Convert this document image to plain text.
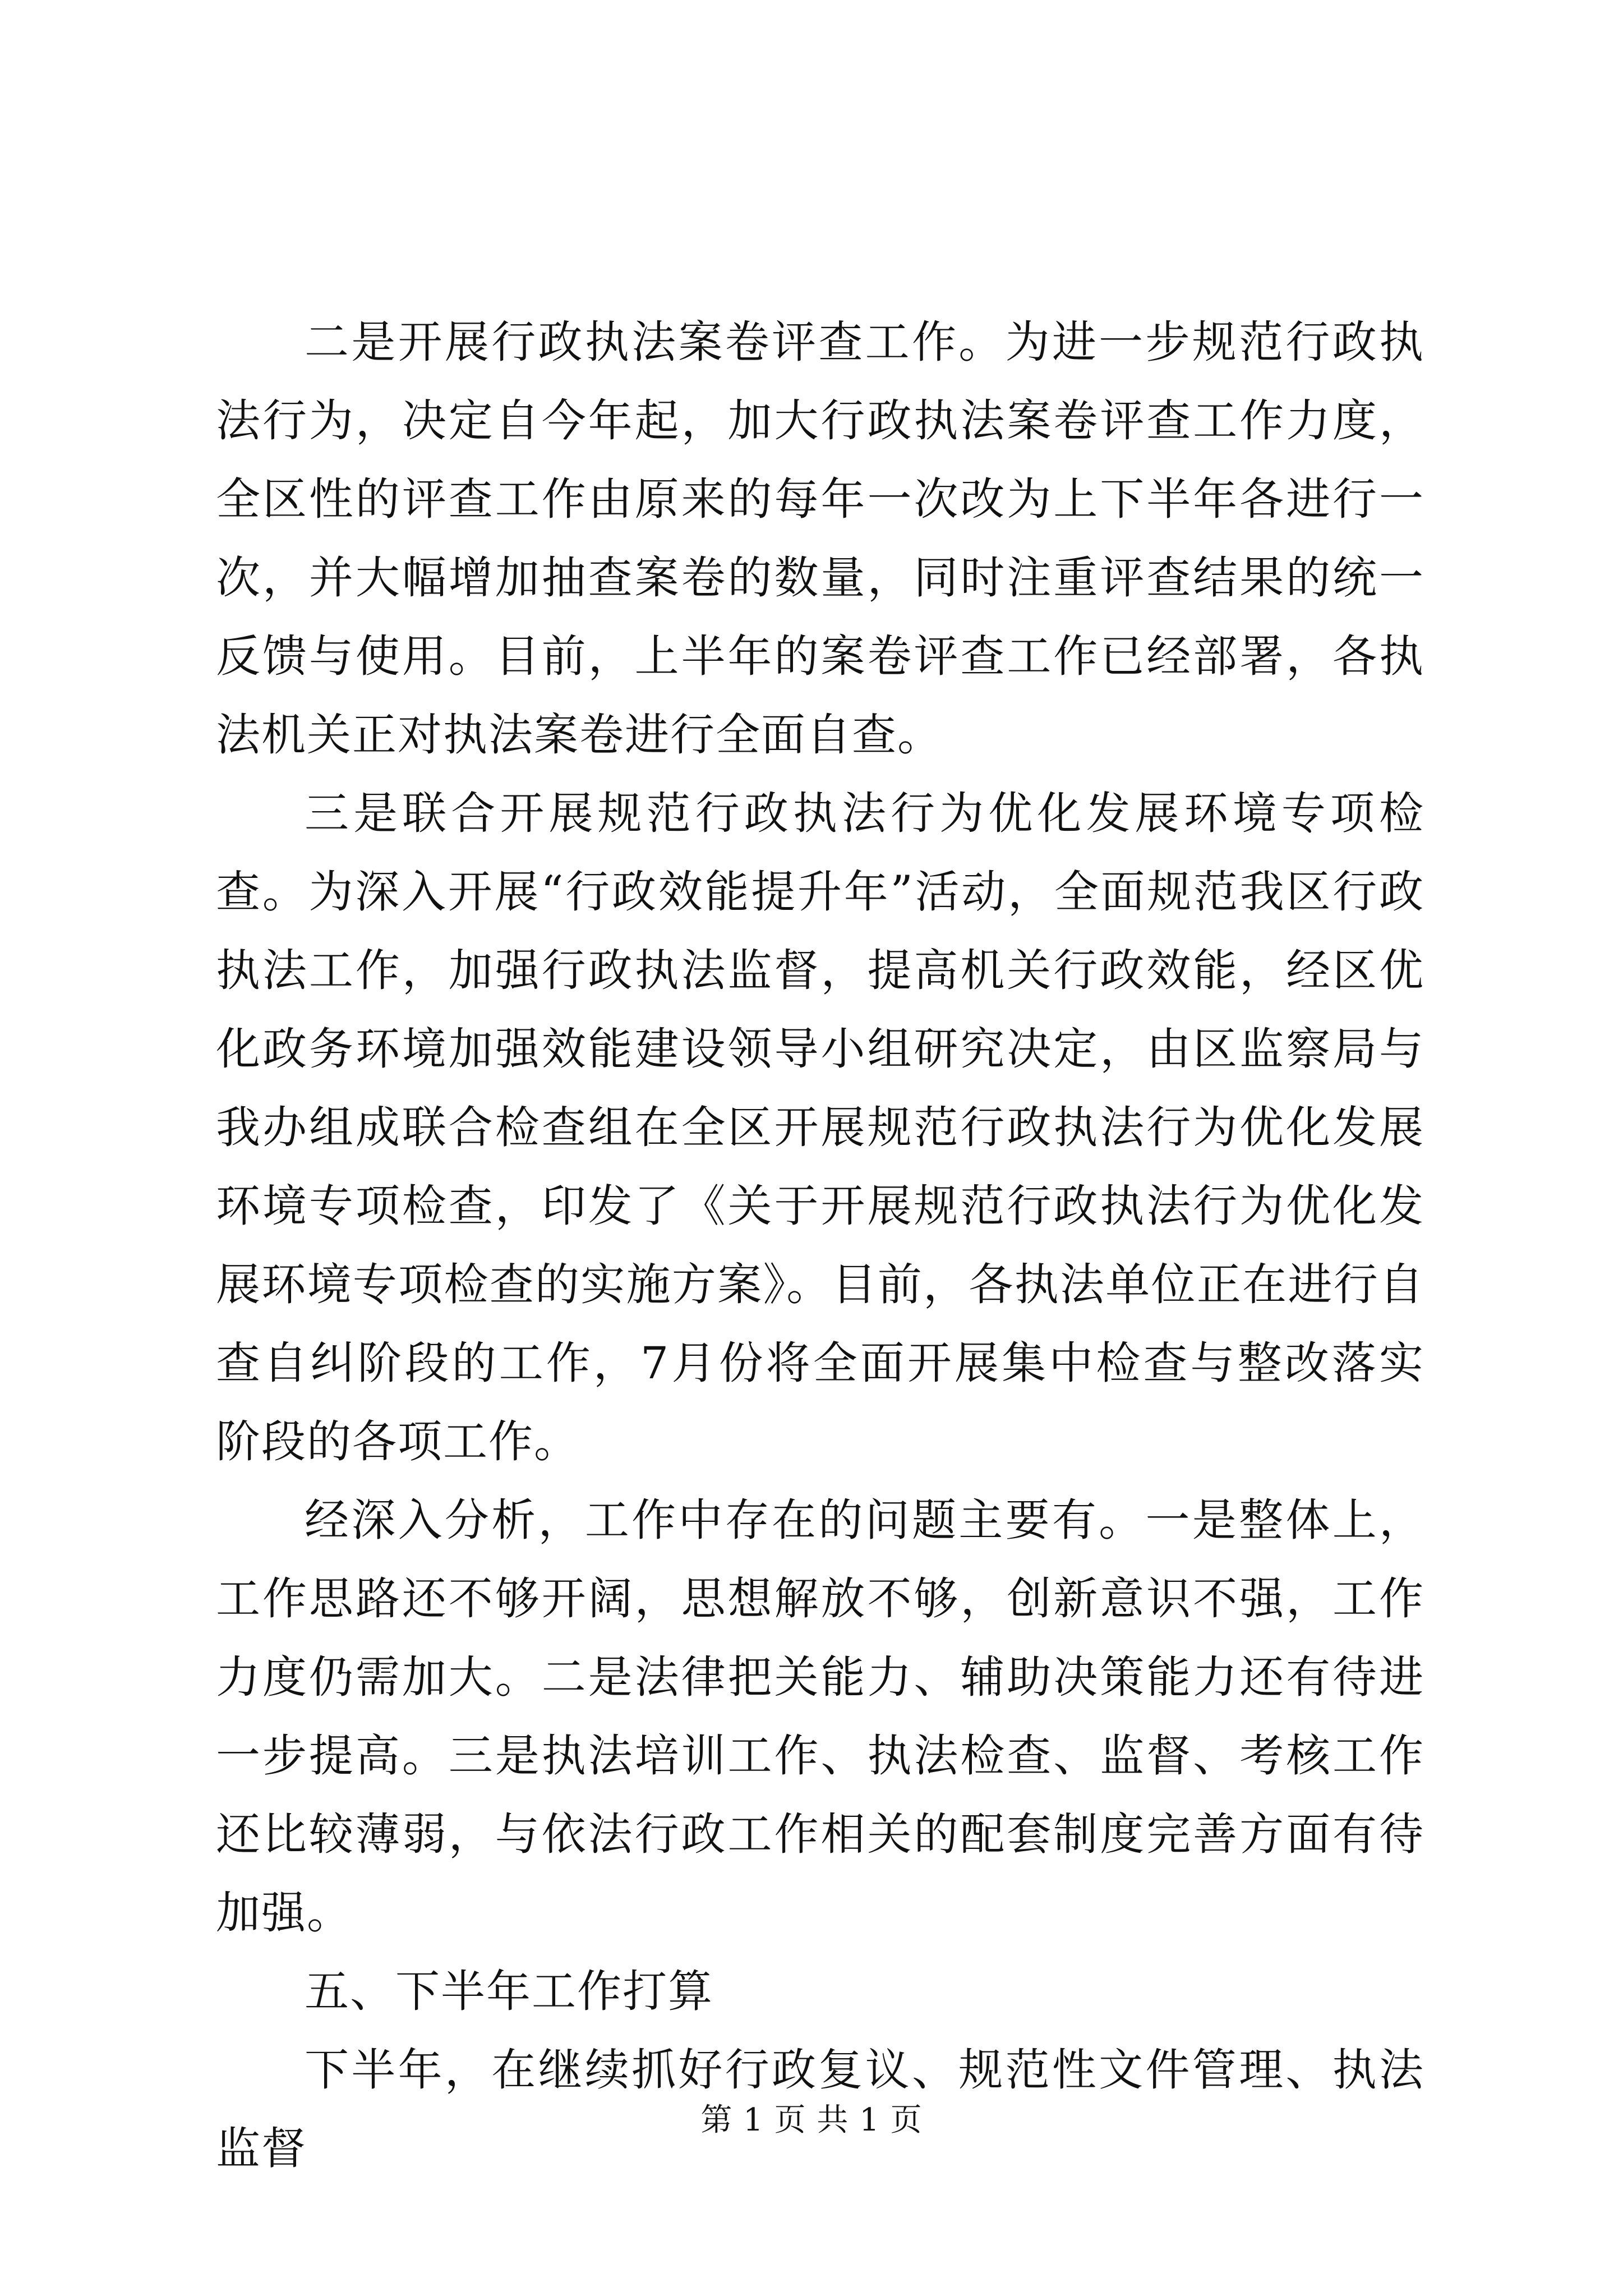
二是开展行政执法案卷评查工作。为进一步规范行政执法行为，决定自今年起，加大行政执法案卷评查工作力度，全区性的评查工作由原来的每年一次改为上下半年各进行一次，并大幅增加抽查案卷的数量，同时注重评查结果的统一反馈与使用。目前，上半年的案卷评查工作已经部署，各执法机关正对执法案卷进行全面自查。

三是联合开展规范行政执法行为优化发展环境专项检查。为深入开展“行政效能提升年”活动，全面规范我区行政执法工作，加强行政执法监督，提高机关行政效能，经区优化政务环境加强效能建设领导小组研究决定，由区监察局与我办组成联合检查组在全区开展规范行政执法行为优化发展环境专项检查，印发了《关于开展规范行政执法行为优化发展环境专项检查的实施方案》。目前，各执法单位正在进行自查自纠阶段的工作，7月份将全面开展集中检查与整改落实阶段的各项工作。

经深入分析，工作中存在的问题主要有。一是整体上，工作思路还不够开阔，思想解放不够，创新意识不强，工作力度仍需加大。二是法律把关能力、辅助决策能力还有待进一步提高。三是执法培训工作、执法检查、监督、考核工作还比较薄弱，与依法行政工作相关的配套制度完善方面有待加强。

五、下半年工作打算

下半年，在继续抓好行政复议、规范性文件管理、执法监督

第 1 页 共 1 页
